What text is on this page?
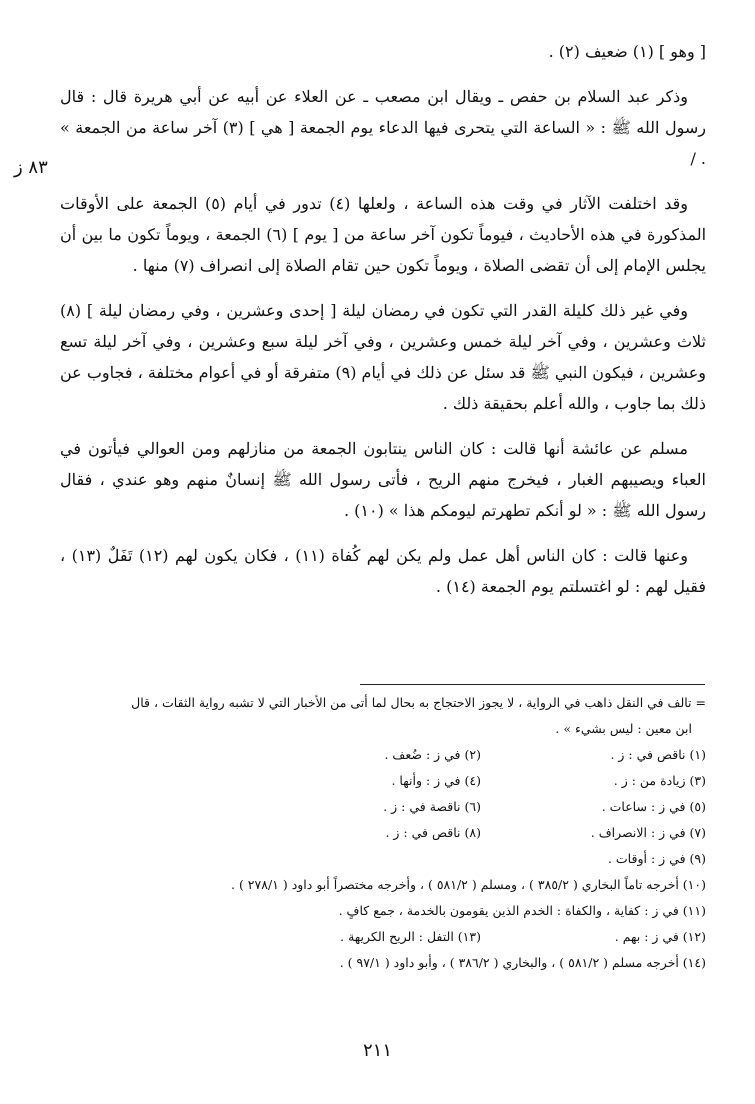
٨٣ ز

[ وهو ] (١) ضعيف (٢) .

وذكر عبد السلام بن حفص ـ ويقال ابن مصعب ـ عن العلاء عن أبيه عن أبي هريرة قال : قال رسول الله ﷺ : « الساعة التي يتحرى فيها الدعاء يوم الجمعة [ هي ] (٣) آخر ساعة من الجمعة » . /

وقد اختلفت الآثار في وقت هذه الساعة ، ولعلها (٤) تدور في أيام (٥) الجمعة على الأوقات المذكورة في هذه الأحاديث ، فيوماً تكون آخر ساعة من [ يوم ] (٦) الجمعة ، ويوماً تكون ما بين أن يجلس الإمام إلى أن تقضى الصلاة ، ويوماً تكون حين تقام الصلاة إلى انصراف (٧) منها .

وفي غير ذلك كليلة القدر التي تكون في رمضان ليلة [ إحدى وعشرين ، وفي رمضان ليلة ] (٨) ثلاث وعشرين ، وفي آخر ليلة خمس وعشرين ، وفي آخر ليلة سبع وعشرين ، وفي آخر ليلة تسع وعشرين ، فيكون النبي ﷺ قد سئل عن ذلك في أيام (٩) متفرقة أو في أعوام مختلفة ، فجاوب عن ذلك بما جاوب ، والله أعلم بحقيقة ذلك .

مسلم عن عائشة أنها قالت : كان الناس ينتابون الجمعة من منازلهم ومن العوالي فيأتون في العباء ويصيبهم الغبار ، فيخرج منهم الريح ، فأتى رسول الله ﷺ إنسانٌ منهم وهو عندي ، فقال رسول الله ﷺ : « لو أنكم تطهرتم ليومكم هذا » (١٠) .

وعنها قالت : كان الناس أهل عمل ولم يكن لهم كُفاة (١١) ، فكان يكون لهم (١٢) تَفَلٌ (١٣) ، فقيل لهم : لو اغتسلتم يوم الجمعة (١٤) .

= تالف في النقل ذاهب في الرواية ، لا يجوز الاحتجاج به بحال لما أتى من الأخبار التي لا تشبه رواية الثقات ، قال
ابن معين : ليس بشيء » .
(١) ناقص في : ز .
(٢) في ز : ضُعف .
(٣) زيادة من : ز .
(٤) في ز : وأنها .
(٥) في ز : ساعات .
(٦) ناقصة في : ز .
(٧) في ز : الانصراف .
(٨) ناقص في : ز .
(٩) في ز : أوقات .
(١٠) أخرجه تاماً البخاري ( ٣٨٥/٢ ) ، ومسلم ( ٥٨١/٢ ) ، وأخرجه مختصراً أبو داود ( ٢٧٨/١ ) .
(١١) في ز : كفاية ، والكفاة : الخدم الذين يقومون بالخدمة ، جمع كافٍ .
(١٢) في ز : بهم .
(١٣) التفل : الريح الكريهة .
(١٤) أخرجه مسلم ( ٥٨١/٢ ) ، والبخاري ( ٣٨٦/٢ ) ، وأبو داود ( ٩٧/١ ) .
٢١١
